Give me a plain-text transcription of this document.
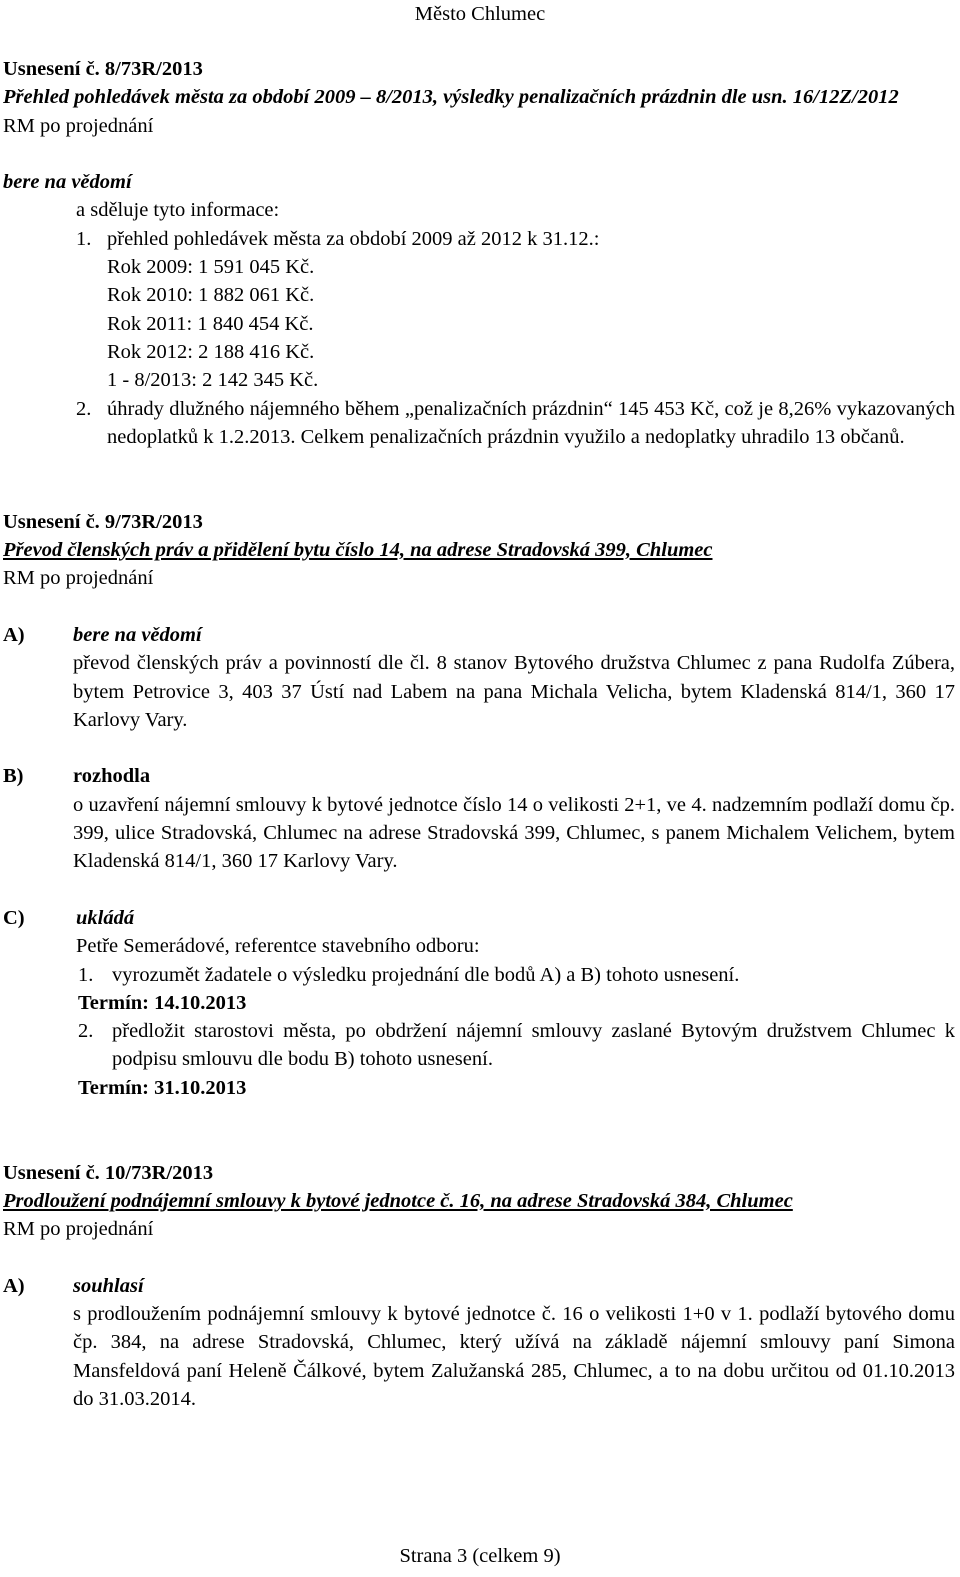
Město Chlumec

Usnesení č. 8/73R/2013

Přehled pohledávek města za období 2009 – 8/2013, výsledky penalizačních prázdnin dle usn. 16/12Z/2012

RM po projednání

bere na vědomí

a sděluje tyto informace:

1. přehled pohledávek města za období 2009 až 2012 k 31.12.:

Rok 2009: 1 591 045 Kč.

Rok 2010: 1 882 061 Kč.

Rok 2011: 1 840 454 Kč.

Rok 2012: 2 188 416 Kč.

1 - 8/2013: 2 142 345 Kč.

2. úhrady dlužného nájemného během „penalizačních prázdnin“ 145 453 Kč, což je 8,26% vykazovaných nedoplatků k 1.2.2013. Celkem penalizačních prázdnin využilo a nedoplatky uhradilo 13 občanů.

Usnesení č. 9/73R/2013

Převod členských práv a přidělení bytu číslo 14, na adrese Stradovská 399, Chlumec

RM po projednání

A) bere na vědomí

převod členských práv a povinností dle čl. 8 stanov Bytového družstva Chlumec z pana Rudolfa Zúbera, bytem Petrovice 3, 403 37 Ústí nad Labem na pana Michala Velicha, bytem Kladenská 814/1, 360 17 Karlovy Vary.

B) rozhodla

o uzavření nájemní smlouvy k bytové jednotce číslo 14 o velikosti 2+1, ve 4. nadzemním podlaží domu čp. 399, ulice Stradovská, Chlumec na adrese Stradovská 399, Chlumec, s panem Michalem Velichem, bytem Kladenská 814/1, 360 17 Karlovy Vary.

C)	ukládá

Petře Semerádové, referentce stavebního odboru:

1. vyrozumět žadatele o výsledku projednání dle bodů A) a B) tohoto usnesení.

Termín: 14.10.2013

2. předložit starostovi města, po obdržení nájemní smlouvy zaslané Bytovým družstvem Chlumec k podpisu smlouvu dle bodu B) tohoto usnesení.

Termín: 31.10.2013

Usnesení č. 10/73R/2013

Prodloužení podnájemní smlouvy k bytové jednotce č. 16, na adrese Stradovská 384, Chlumec

RM po projednání

A) souhlasí

s prodloužením podnájemní smlouvy k bytové jednotce č. 16 o velikosti 1+0 v 1. podlaží bytového domu čp. 384, na adrese Stradovská, Chlumec, který užívá na základě nájemní smlouvy paní Simona Mansfeldová paní Heleně Čálkové, bytem Zalužanská 285, Chlumec, a to na dobu určitou od 01.10.2013 do 31.03.2014.

Strana 3 (celkem 9)
